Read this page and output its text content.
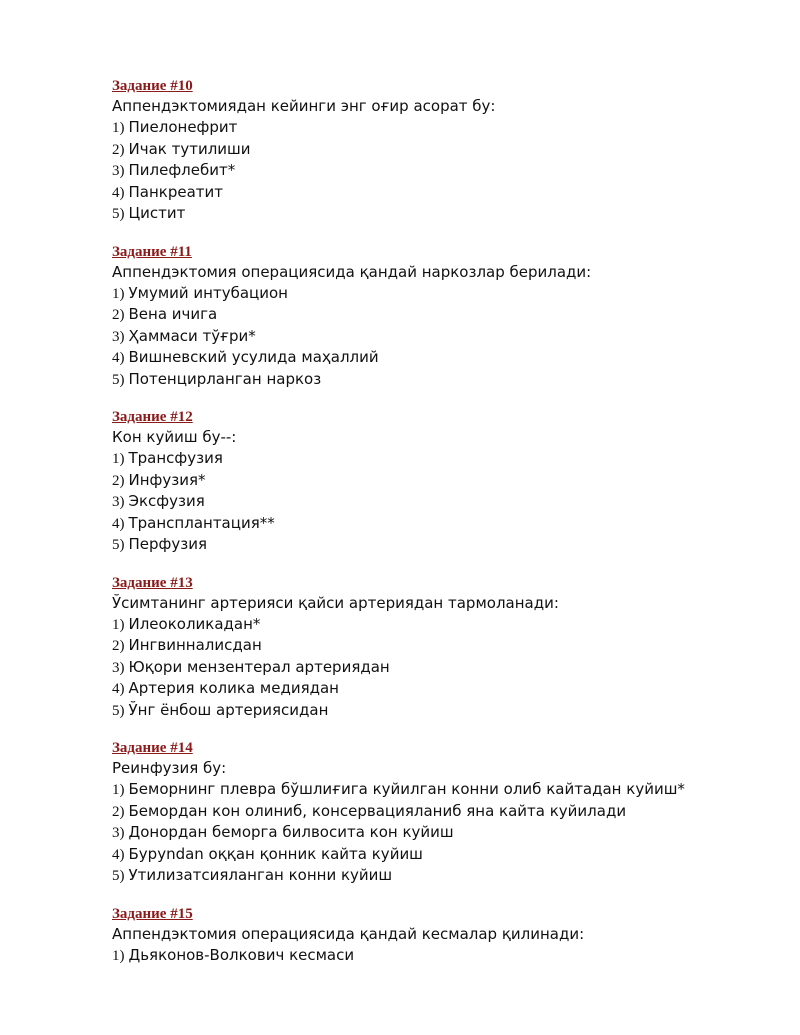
Задание #10
Аппендэктомиядан кейинги энг оғир асорат бу:
1) Пиелонефрит
2) Ичак тутилиши
3) Пилефлебит*
4) Панкреатит
5) Цистит
Задание #11
Аппендэктомия операциясида қандай наркозлар берилади:
1) Умумий интубацион
2) Вена ичига
3) Ҳаммаси тўғри*
4) Вишневский усулида маҳаллий
5) Потенцирланган наркоз
Задание #12
Кон куйиш бу--:
1) Трансфузия
2) Инфузия*
3) Эксфузия
4) Трансплантация**
5) Перфузия
Задание #13
Ўсимтанинг артерияси қайси артериядан тармоланади:
1) Илеоколикадан*
2) Ингвинналисдан
3) Юқори мензентерал артериядан
4) Артерия колика медиядан
5) Ўнг ёнбош артериясидан
Задание #14
Реинфузия бу:
1) Беморнинг плевра бўшлиғига куйилган конни олиб кайтадан куйиш*
2) Бемордан кон олиниб, консервацияланиб яна кайта куйилади
3) Донордан беморга билвосита кон куйиш
4) Буруndan оққан қонник кайта куйиш
5) Утилизатсияланган конни куйиш
Задание #15
Аппендэктомия операциясида қандай кесмалар қилинади:
1) Дьяконов-Волкович кесмаси
